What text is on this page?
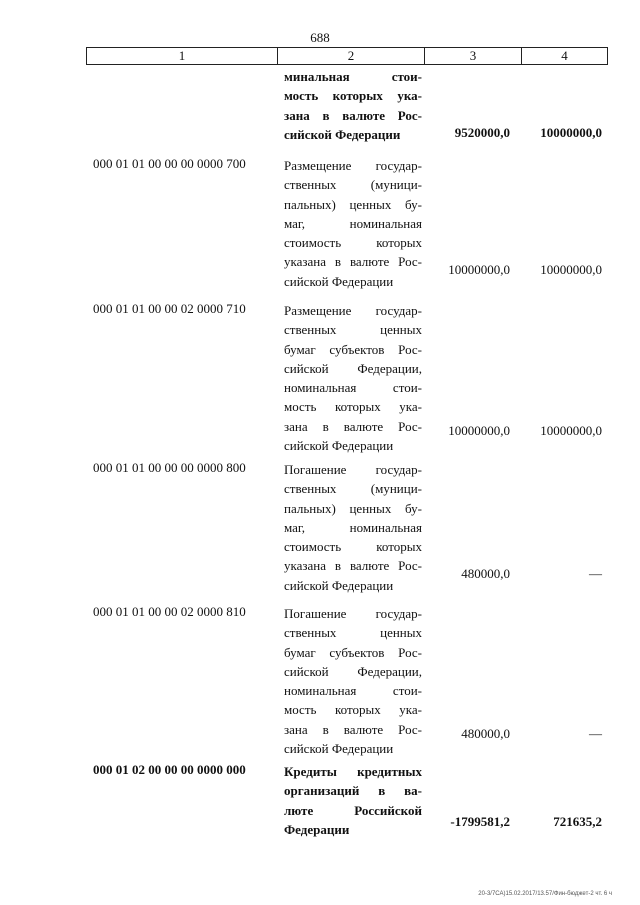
688
1	2	3	4
минальная стои-
мость которых ука-
зана в валюте Рос-
сийской Федерации	9520000,0 10000000,0
000 01 01 00 00 00 0000 700	Размещение государ-
ственных (муници-
пальных) ценных бу-
маг, номинальная
стоимость которых
указана в валюте Рос-
сийской Федерации
10000000,0 10000000,0
000 01 01 00 00 02 0000 710	Размещение государ-
ственных ценных
бумаг субъектов Рос-
сийской Федерации,
номинальная стои-
мость которых ука-
зана в валюте Рос-
сийской Федерации
10000000,0 10000000,0
000 01 01 00 00 00 0000 800	Погашение государ-
ственных (муници-
пальных) ценных бу-
маг, номинальная
стоимость которых
указана в валюте Рос-
сийской Федерации
480000,0	—
000 01 01 00 00 02 0000 810	Погашение государ-
ственных ценных
бумаг субъектов Рос-
сийской Федерации,
номинальная стои-
мость которых ука-
зана в валюте Рос-
сийской Федерации
480000,0	—
000 01 02 00 00 00 0000 000	Кредиты кредитных
организаций в ва-
люте Российской
Федерации
-1799581,2	721635,2
20-3/7СА)15.02.2017/13.57/Фин-бюджет-2 чт. 6 ч
